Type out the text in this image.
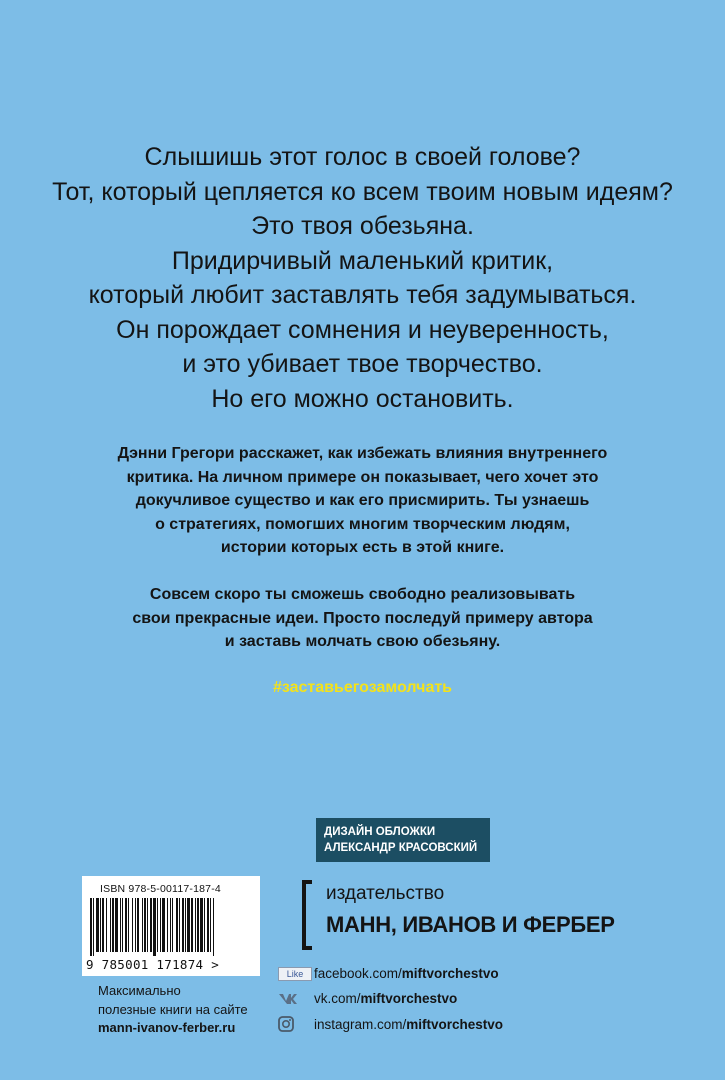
Слышишь этот голос в своей голове?
Тот, который цепляется ко всем твоим новым идеям?
Это твоя обезьяна.
Придирчивый маленький критик,
который любит заставлять тебя задумываться.
Он порождает сомнения и неуверенность,
и это убивает твое творчество.
Но его можно остановить.
Дэнни Грегори расскажет, как избежать влияния внутреннего
критика. На личном примере он показывает, чего хочет это
докучливое существо и как его присмирить. Ты узнаешь
о стратегиях, помогших многим творческим людям,
истории которых есть в этой книге.
Совсем скоро ты сможешь свободно реализовывать
свои прекрасные идеи. Просто последуй примеру автора
и заставь молчать свою обезьяну.
#заставьегозамолчать
ДИЗАЙН ОБЛОЖКИ
АЛЕКСАНДР КРАСОВСКИЙ
ISBN 978-5-00117-187-4
9 785001 171874 >
Максимально
полезные книги на сайте
mann-ivanov-ferber.ru
издательство
МАНН, ИВАНОВ И ФЕРБЕР
Like facebook.com/ miftvorchestvo
vk.com/ miftvorchestvo
instagram.com/ miftvorchestvo
